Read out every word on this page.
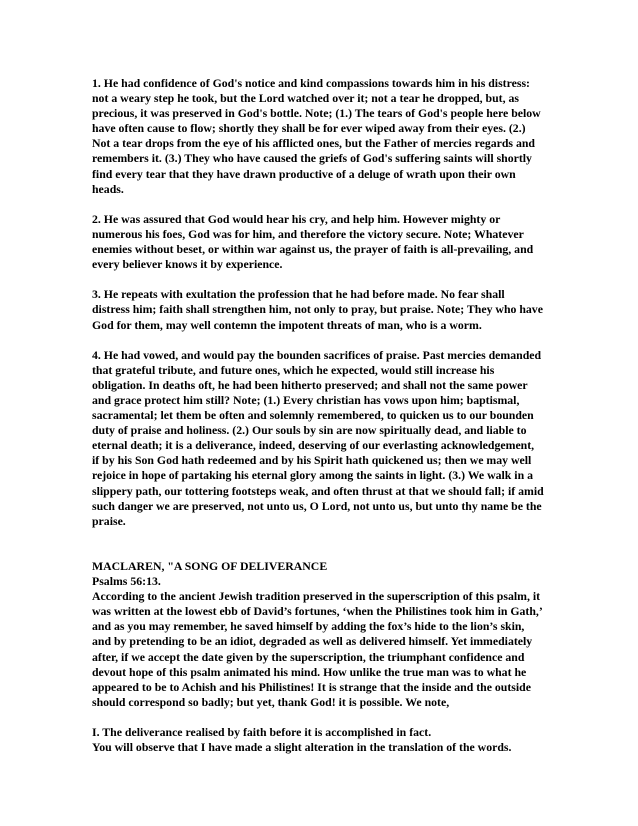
1. He had confidence of God's notice and kind compassions towards him in his distress: not a weary step he took, but the Lord watched over it; not a tear he dropped, but, as precious, it was preserved in God's bottle. Note; (1.) The tears of God's people here below have often cause to flow; shortly they shall be for ever wiped away from their eyes. (2.) Not a tear drops from the eye of his afflicted ones, but the Father of mercies regards and remembers it. (3.) They who have caused the griefs of God's suffering saints will shortly find every tear that they have drawn productive of a deluge of wrath upon their own heads.

2. He was assured that God would hear his cry, and help him. However mighty or numerous his foes, God was for him, and therefore the victory secure. Note; Whatever enemies without beset, or within war against us, the prayer of faith is all-prevailing, and every believer knows it by experience.

3. He repeats with exultation the profession that he had before made. No fear shall distress him; faith shall strengthen him, not only to pray, but praise. Note; They who have God for them, may well contemn the impotent threats of man, who is a worm.

4. He had vowed, and would pay the bounden sacrifices of praise. Past mercies demanded that grateful tribute, and future ones, which he expected, would still increase his obligation. In deaths oft, he had been hitherto preserved; and shall not the same power and grace protect him still? Note; (1.) Every christian has vows upon him; baptismal, sacramental; let them be often and solemnly remembered, to quicken us to our bounden duty of praise and holiness. (2.) Our souls by sin are now spiritually dead, and liable to eternal death; it is a deliverance, indeed, deserving of our everlasting acknowledgement, if by his Son God hath redeemed and by his Spirit hath quickened us; then we may well rejoice in hope of partaking his eternal glory among the saints in light. (3.) We walk in a slippery path, our tottering footsteps weak, and often thrust at that we should fall; if amid such danger we are preserved, not unto us, O Lord, not unto us, but unto thy name be the praise.

MACLAREN, "A SONG OF DELIVERANCE
Psalms 56:13.

According to the ancient Jewish tradition preserved in the superscription of this psalm, it was written at the lowest ebb of David’s fortunes, ‘when the Philistines took him in Gath,’ and as you may remember, he saved himself by adding the fox’s hide to the lion’s skin, and by pretending to be an idiot, degraded as well as delivered himself. Yet immediately after, if we accept the date given by the superscription, the triumphant confidence and devout hope of this psalm animated his mind. How unlike the true man was to what he appeared to be to Achish and his Philistines! It is strange that the inside and the outside should correspond so badly; but yet, thank God! it is possible. We note,

I. The deliverance realised by faith before it is accomplished in fact.
You will observe that I have made a slight alteration in the translation of the words.
